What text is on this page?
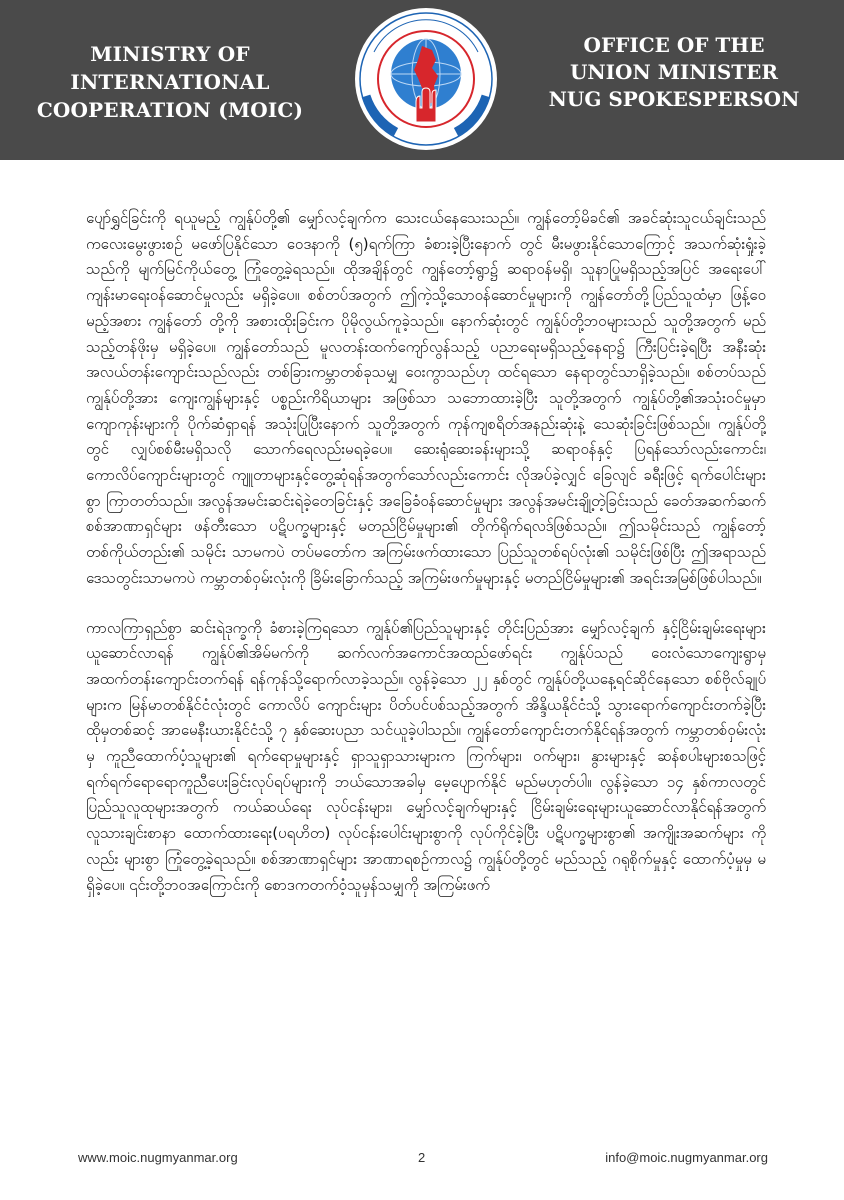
MINISTRY OF INTERNATIONAL
COOPERATION (MOIC)
OFFICE OF THE
UNION MINISTER
NUG SPOKESPERSON

ပျော်ရွှင်ခြင်းကို ရယူမည့် ကျွန်ုပ်တို့၏ မျှော်လင့်ချက်က သေးငယ်နေသေးသည်။ ကျွန်တော့်မိခင်၏ အခင်ဆုံးသူငယ်ချင်းသည် ကလေးမွေးဖွားစဥ် မဖော်ပြနိုင်သော ဝေဒနာကို (၅)ရက်ကြာ ခံစားခဲ့ပြီးနောက် တွင် မီးမဖွားနိုင်သောကြောင့် အသက်ဆုံးရှုံးခဲ့သည်ကို မျက်မြင်ကိုယ်တွေ့ ကြုံတွေ့ခဲ့ရသည်။ ထိုအချိန်တွင် ကျွန်တော့်ရွာ၌ ဆရာဝန်မရှိ၊ သူနာပြုမရှိသည့်အပြင် အရေးပေါ်ကျန်းမာရေးဝန်ဆောင်မှုလည်း မရှိခဲ့ပေ။ စစ်တပ်အတွက် ဤကဲ့သို့သောဝန်ဆောင်မှုများကို ကျွန်တော်တို့ပြည်သူထံမှာ ဖြန့်ဝေမည့်အစား ကျွန်တော် တို့ကို အစားထိုးခြင်းက ပိုမိုလွယ်ကူခဲ့သည်။ နောက်ဆုံးတွင် ကျွန်ုပ်တို့ဘဝများသည် သူတို့အတွက် မည်သည့်တန်ဖိုးမှ မရှိခဲ့ပေ။ ကျွန်တော်သည် မူလတန်းထက်ကျော်လွန်သည့် ပညာရေးမရှိသည့်နေရာ၌ ကြီးပြင်းခဲ့ရပြီး အနီးဆုံးအလယ်တန်းကျောင်းသည်လည်း တစ်ခြားကမ္ဘာတစ်ခုသမျှ ဝေးကွာသည်ဟု ထင်ရသော နေရာတွင်သာရှိခဲ့သည်။ စစ်တပ်သည် ကျွန်ုပ်တို့အား ကျေးကျွန်များနှင့် ပစ္စည်းကိရိယာများ အဖြစ်သာ သဘောထားခဲ့ပြီး သူတို့အတွက် ကျွန်ုပ်တို့၏အသုံးဝင်မှုမှာ ကျောကုန်းများကို ပိုက်ဆံရှာရန် အသုံးပြုပြီးနောက် သူတို့အတွက် ကုန်ကျစရိတ်အနည်းဆုံးနဲ့ သေဆုံးခြင်းဖြစ်သည်။ ကျွန်ုပ်တို့တွင် လျှပ်စစ်မီးမရှိသလို သောက်ရေလည်းမရခဲ့ပေ။ ဆေးရုံဆေးခန်းများသို့ ဆရာဝန်နှင့် ပြရန်သော်လည်းကောင်း၊ ကောလိပ်ကျောင်းများတွင် ကျူတာများနှင့်တွေ့ဆုံရန်အတွက်သော်လည်းကောင်း လိုအပ်ခဲ့လျှင် ခြေလျင် ခရီးဖြင့် ရက်ပေါင်းများစွာ ကြာတတ်သည်။ အလွန်အမင်းဆင်းရဲခဲ့တေခြင်းနှင့် အခြေခံဝန်ဆောင်မှုများ အလွန်အမင်းချို့တဲ့ခြင်းသည် ခေတ်အဆက်ဆက် စစ်အာဏာရှင်များ ဖန်တီးသော ပဋိပက္ခများနှင့် မတည်ငြိမ်မှုများ၏ တိုက်ရိုက်ရလဒ်ဖြစ်သည်။ ဤသမိုင်းသည် ကျွန်တော့်တစ်ကိုယ်တည်း၏ သမိုင်း သာမကပဲ တပ်မတော်က အကြမ်းဖက်ထားသော ပြည်သူတစ်ရပ်လုံး၏ သမိုင်းဖြစ်ပြီး ဤအရာသည် ဒေသတွင်းသာမကပဲ ကမ္ဘာတစ်ဝှမ်းလုံးကို ခြိမ်းခြောက်သည့် အကြမ်းဖက်မှုများနှင့် မတည်ငြိမ်မှုများ၏ အရင်းအမြစ်ဖြစ်ပါသည်။

ကာလကြာရှည်စွာ ဆင်းရဲဒုက္ခကို ခံစားခဲ့ကြရသော ကျွန်ုပ်၏ပြည်သူများနှင့် တိုင်းပြည်အား မျှော်လင့်ချက် နှင့်ငြိမ်းချမ်းရေးများယူဆောင်လာရန် ကျွန်ုပ်၏အိမ်မက်ကို ဆက်လက်အကောင်အထည်ဖော်ရင်း ကျွန်ုပ်သည် ဝေးလံသောကျေးရွာမှ အထက်တန်းကျောင်းတက်ရန် ရန်ကုန်သို့ရောက်လာခဲ့သည်။ လွန်ခဲ့သော ၂၂ နှစ်တွင် ကျွန်ုပ်တို့ယနေ့ရင်ဆိုင်နေသော စစ်ဗိုလ်ချုပ်များက မြန်မာတစ်နိုင်ငံလုံးတွင် ကောလိပ် ကျောင်းများ ပိတ်ပင်ပစ်သည့်အတွက် အိန္ဒိယနိုင်ငံသို့ သွားရောက်ကျောင်းတက်ခဲ့ပြီး ထိုမှတစ်ဆင့် အာမေနီးယားနိုင်ငံသို့ ၇ နှစ်ဆေးပညာ သင်ယူခဲ့ပါသည်။ ကျွန်တော်ကျောင်းတက်နိုင်ရန်အတွက် ကမ္ဘာတစ်ဝှမ်းလုံးမှ ကူညီထောက်ပံ့သူများ၏ ရက်ရောမှုများနှင့် ရှာသူရှာသားများက ကြက်များ၊ ဝက်များ၊ နွားများနှင့် ဆန်စပါးများစသဖြင့် ရက်ရက်ရောရောကူညီပေးခြင်းလုပ်ရပ်များကို ဘယ်သောအခါမှ မေ့ပျောက်နိုင် မည်မဟုတ်ပါ။ လွန်ခဲ့သော ၁၄ နှစ်ကာလတွင် ပြည်သူလူထုများအတွက် ကယ်ဆယ်ရေး လုပ်ငန်းများ၊ မျှော်လင့်ချက်များနှင့် ငြိမ်းချမ်းရေးများယူဆောင်လာနိုင်ရန်အတွက် လူသားချင်းစာနာ ထောက်ထားရေး(ပရဟိတ) လုပ်ငန်းပေါင်းများစွာကို လုပ်ကိုင်ခဲ့ပြီး ပဋိပက္ခများစွာ၏ အကျိုးအဆက်များ ကိုလည်း များစွာ ကြုံတွေ့ခဲ့ရသည်။ စစ်အာဏာရှင်များ အာဏာရစဉ်ကာလ၌ ကျွန်ုပ်တို့တွင် မည်သည့် ဂရုစိုက်မှုနှင့် ထောက်ပံ့မှုမှ မရှိခဲ့ပေ။ ၎င်းတို့ဘဝအကြောင်းကို စောဒကတက်ဝံ့သူမှန်သမျှကို အကြမ်းဖက်

www.moic.nugmyanmar.org	2	info@moic.nugmyanmar.org
